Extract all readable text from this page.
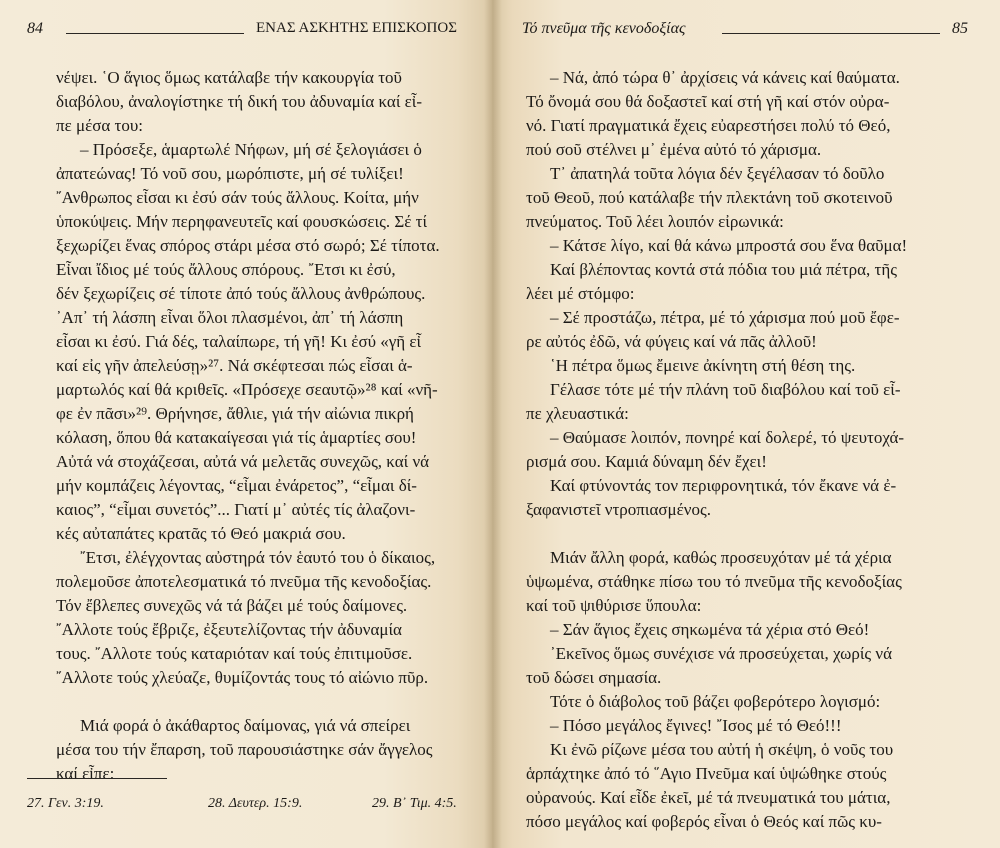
84	ΕΝΑΣ ΑΣΚΗΤΗΣ ΕΠΙΣΚΟΠΟΣ
νέψει. ῾Ο ἅγιος ὅμως κατάλαβε τήν κακουργία τοῦ
διαβόλου, ἀναλογίστηκε τή δική του ἀδυναμία καί εἶ-
πε μέσα του:
– Πρόσεξε, ἁμαρτωλέ Νήφων, μή σέ ξελογιάσει ὁ
ἀπατεώνας! Τό νοῦ σου, μωρόπιστε, μή σέ τυλίξει!
῎Ανθρωπος εἶσαι κι ἐσύ σάν τούς ἄλλους. Κοίτα, μήν
ὑποκύψεις. Μήν περηφανευτεῖς καί φουσκώσεις. Σέ τί
ξεχωρίζει ἕνας σπόρος στάρι μέσα στό σωρό; Σέ τίποτα.
Εἶναι ἴδιος μέ τούς ἄλλους σπόρους. ῎Ετσι κι ἐσύ,
δέν ξεχωρίζεις σέ τίποτε ἀπό τούς ἄλλους ἀνθρώπους.
᾿Απ᾿ τή λάσπη εἶναι ὅλοι πλασμένοι, ἀπ᾿ τή λάσπη
εἶσαι κι ἐσύ. Γιά δές, ταλαίπωρε, τή γῆ! Κι ἐσύ «γῆ εἶ
καί εἰς γῆν ἀπελεύσῃ»²⁷. Νά σκέφτεσαι πώς εἶσαι ἁ-
μαρτωλός καί θά κριθεῖς. «Πρόσεχε σεαυτῷ»²⁸ καί «νῆ-
φε ἐν πᾶσι»²⁹. Θρήνησε, ἄθλιε, γιά τήν αἰώνια πικρή
κόλαση, ὅπου θά κατακαίγεσαι γιά τίς ἁμαρτίες σου!
Αὐτά νά στοχάζεσαι, αὐτά νά μελετᾶς συνεχῶς, καί νά
μήν κομπάζεις λέγοντας, “εἶμαι ἐνάρετος”, “εἶμαι δί-
καιος”, “εἶμαι συνετός”... Γιατί μ᾿ αὐτές τίς ἀλαζονι-
κές αὐταπάτες κρατᾶς τό Θεό μακριά σου.
῎Ετσι, ἐλέγχοντας αὐστηρά τόν ἑαυτό του ὁ δίκαιος,
πολεμοῦσε ἀποτελεσματικά τό πνεῦμα τῆς κενοδοξίας.
Τόν ἔβλεπες συνεχῶς νά τά βάζει μέ τούς δαίμονες.
῎Αλλοτε τούς ἔβριζε, ἐξευτελίζοντας τήν ἀδυναμία
τους. ῎Αλλοτε τούς καταριόταν καί τούς ἐπιτιμοῦσε.
῎Αλλοτε τούς χλεύαζε, θυμίζοντάς τους τό αἰώνιο πῦρ.
Μιά φορά ὁ ἀκάθαρτος δαίμονας, γιά νά σπείρει
μέσα του τήν ἔπαρση, τοῦ παρουσιάστηκε σάν ἄγγελος
καί εἶπε:
27. Γεν. 3:19.	28. Δευτερ. 15:9.	29. Β᾿ Τιμ. 4:5.
Τό πνεῦμα τῆς κενοδοξίας	85
– Νά, ἀπό τώρα θ᾿ ἀρχίσεις νά κάνεις καί θαύματα.
Τό ὄνομά σου θά δοξαστεῖ καί στή γῆ καί στόν οὐρα-
νό. Γιατί πραγματικά ἔχεις εὐαρεστήσει πολύ τό Θεό,
πού σοῦ στέλνει μ᾿ ἐμένα αὐτό τό χάρισμα.
Τ᾿ ἀπατηλά τοῦτα λόγια δέν ξεγέλασαν τό δοῦλο
τοῦ Θεοῦ, πού κατάλαβε τήν πλεκτάνη τοῦ σκοτεινοῦ
πνεύματος. Τοῦ λέει λοιπόν εἰρωνικά:
– Κάτσε λίγο, καί θά κάνω μπροστά σου ἕνα θαῦμα!
Καί βλέποντας κοντά στά πόδια του μιά πέτρα, τῆς
λέει μέ στόμφο:
– Σέ προστάζω, πέτρα, μέ τό χάρισμα πού μοῦ ἔφε-
ρε αὐτός ἐδῶ, νά φύγεις καί νά πᾶς ἀλλοῦ!
῾Η πέτρα ὅμως ἔμεινε ἀκίνητη στή θέση της.
Γέλασε τότε μέ τήν πλάνη τοῦ διαβόλου καί τοῦ εἶ-
πε χλευαστικά:
– Θαύμασε λοιπόν, πονηρέ καί δολερέ, τό ψευτοχά-
ρισμά σου. Καμιά δύναμη δέν ἔχει!
Καί φτύνοντάς τον περιφρονητικά, τόν ἔκανε νά ἐ-
ξαφανιστεῖ ντροπιασμένος.
Μιάν ἄλλη φορά, καθώς προσευχόταν μέ τά χέρια
ὑψωμένα, στάθηκε πίσω του τό πνεῦμα τῆς κενοδοξίας
καί τοῦ ψιθύρισε ὕπουλα:
– Σάν ἅγιος ἔχεις σηκωμένα τά χέρια στό Θεό!
᾿Εκεῖνος ὅμως συνέχισε νά προσεύχεται, χωρίς νά
τοῦ δώσει σημασία.
Τότε ὁ διάβολος τοῦ βάζει φοβερότερο λογισμό:
– Πόσο μεγάλος ἔγινες! ῎Ισος μέ τό Θεό!!!
Κι ἐνῶ ρίζωνε μέσα του αὐτή ἡ σκέψη, ὁ νοῦς του
ἁρπάχτηκε ἀπό τό ῞Αγιο Πνεῦμα καί ὑψώθηκε στούς
οὐρανούς. Καί εἶδε ἐκεῖ, μέ τά πνευματικά του μάτια,
πόσο μεγάλος καί φοβερός εἶναι ὁ Θεός καί πῶς κυ-
